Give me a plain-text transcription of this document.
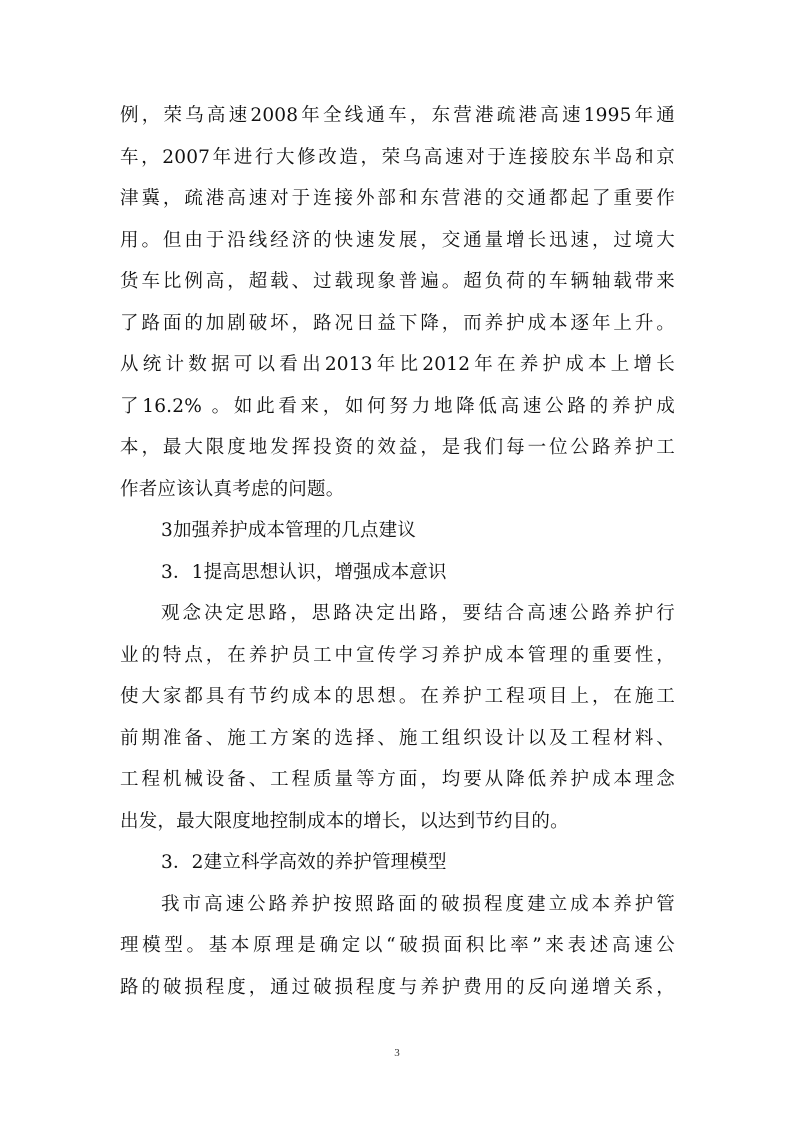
例，荣乌高速2008年全线通车，东营港疏港高速1995年通
车，2007年进行大修改造，荣乌高速对于连接胶东半岛和京
津冀，疏港高速对于连接外部和东营港的交通都起了重要作
用。但由于沿线经济的快速发展，交通量增长迅速，过境大
货车比例高，超载、过载现象普遍。超负荷的车辆轴载带来
了路面的加剧破坏，路况日益下降，而养护成本逐年上升。
从统计数据可以看出2013年比2012年在养护成本上增长
了16.2% 。如此看来，如何努力地降低高速公路的养护成
本，最大限度地发挥投资的效益，是我们每一位公路养护工
作者应该认真考虑的问题。
3加强养护成本管理的几点建议
3．1提高思想认识，增强成本意识
观念决定思路，思路决定出路，要结合高速公路养护行
业的特点，在养护员工中宣传学习养护成本管理的重要性，
使大家都具有节约成本的思想。在养护工程项目上，在施工
前期准备、施工方案的选择、施工组织设计以及工程材料、
工程机械设备、工程质量等方面，均要从降低养护成本理念
出发，最大限度地控制成本的增长，以达到节约目的。
3．2建立科学高效的养护管理模型
我市高速公路养护按照路面的破损程度建立成本养护管
理模型。基本原理是确定以“破损面积比率”来表述高速公
路的破损程度，通过破损程度与养护费用的反向递增关系，
3
